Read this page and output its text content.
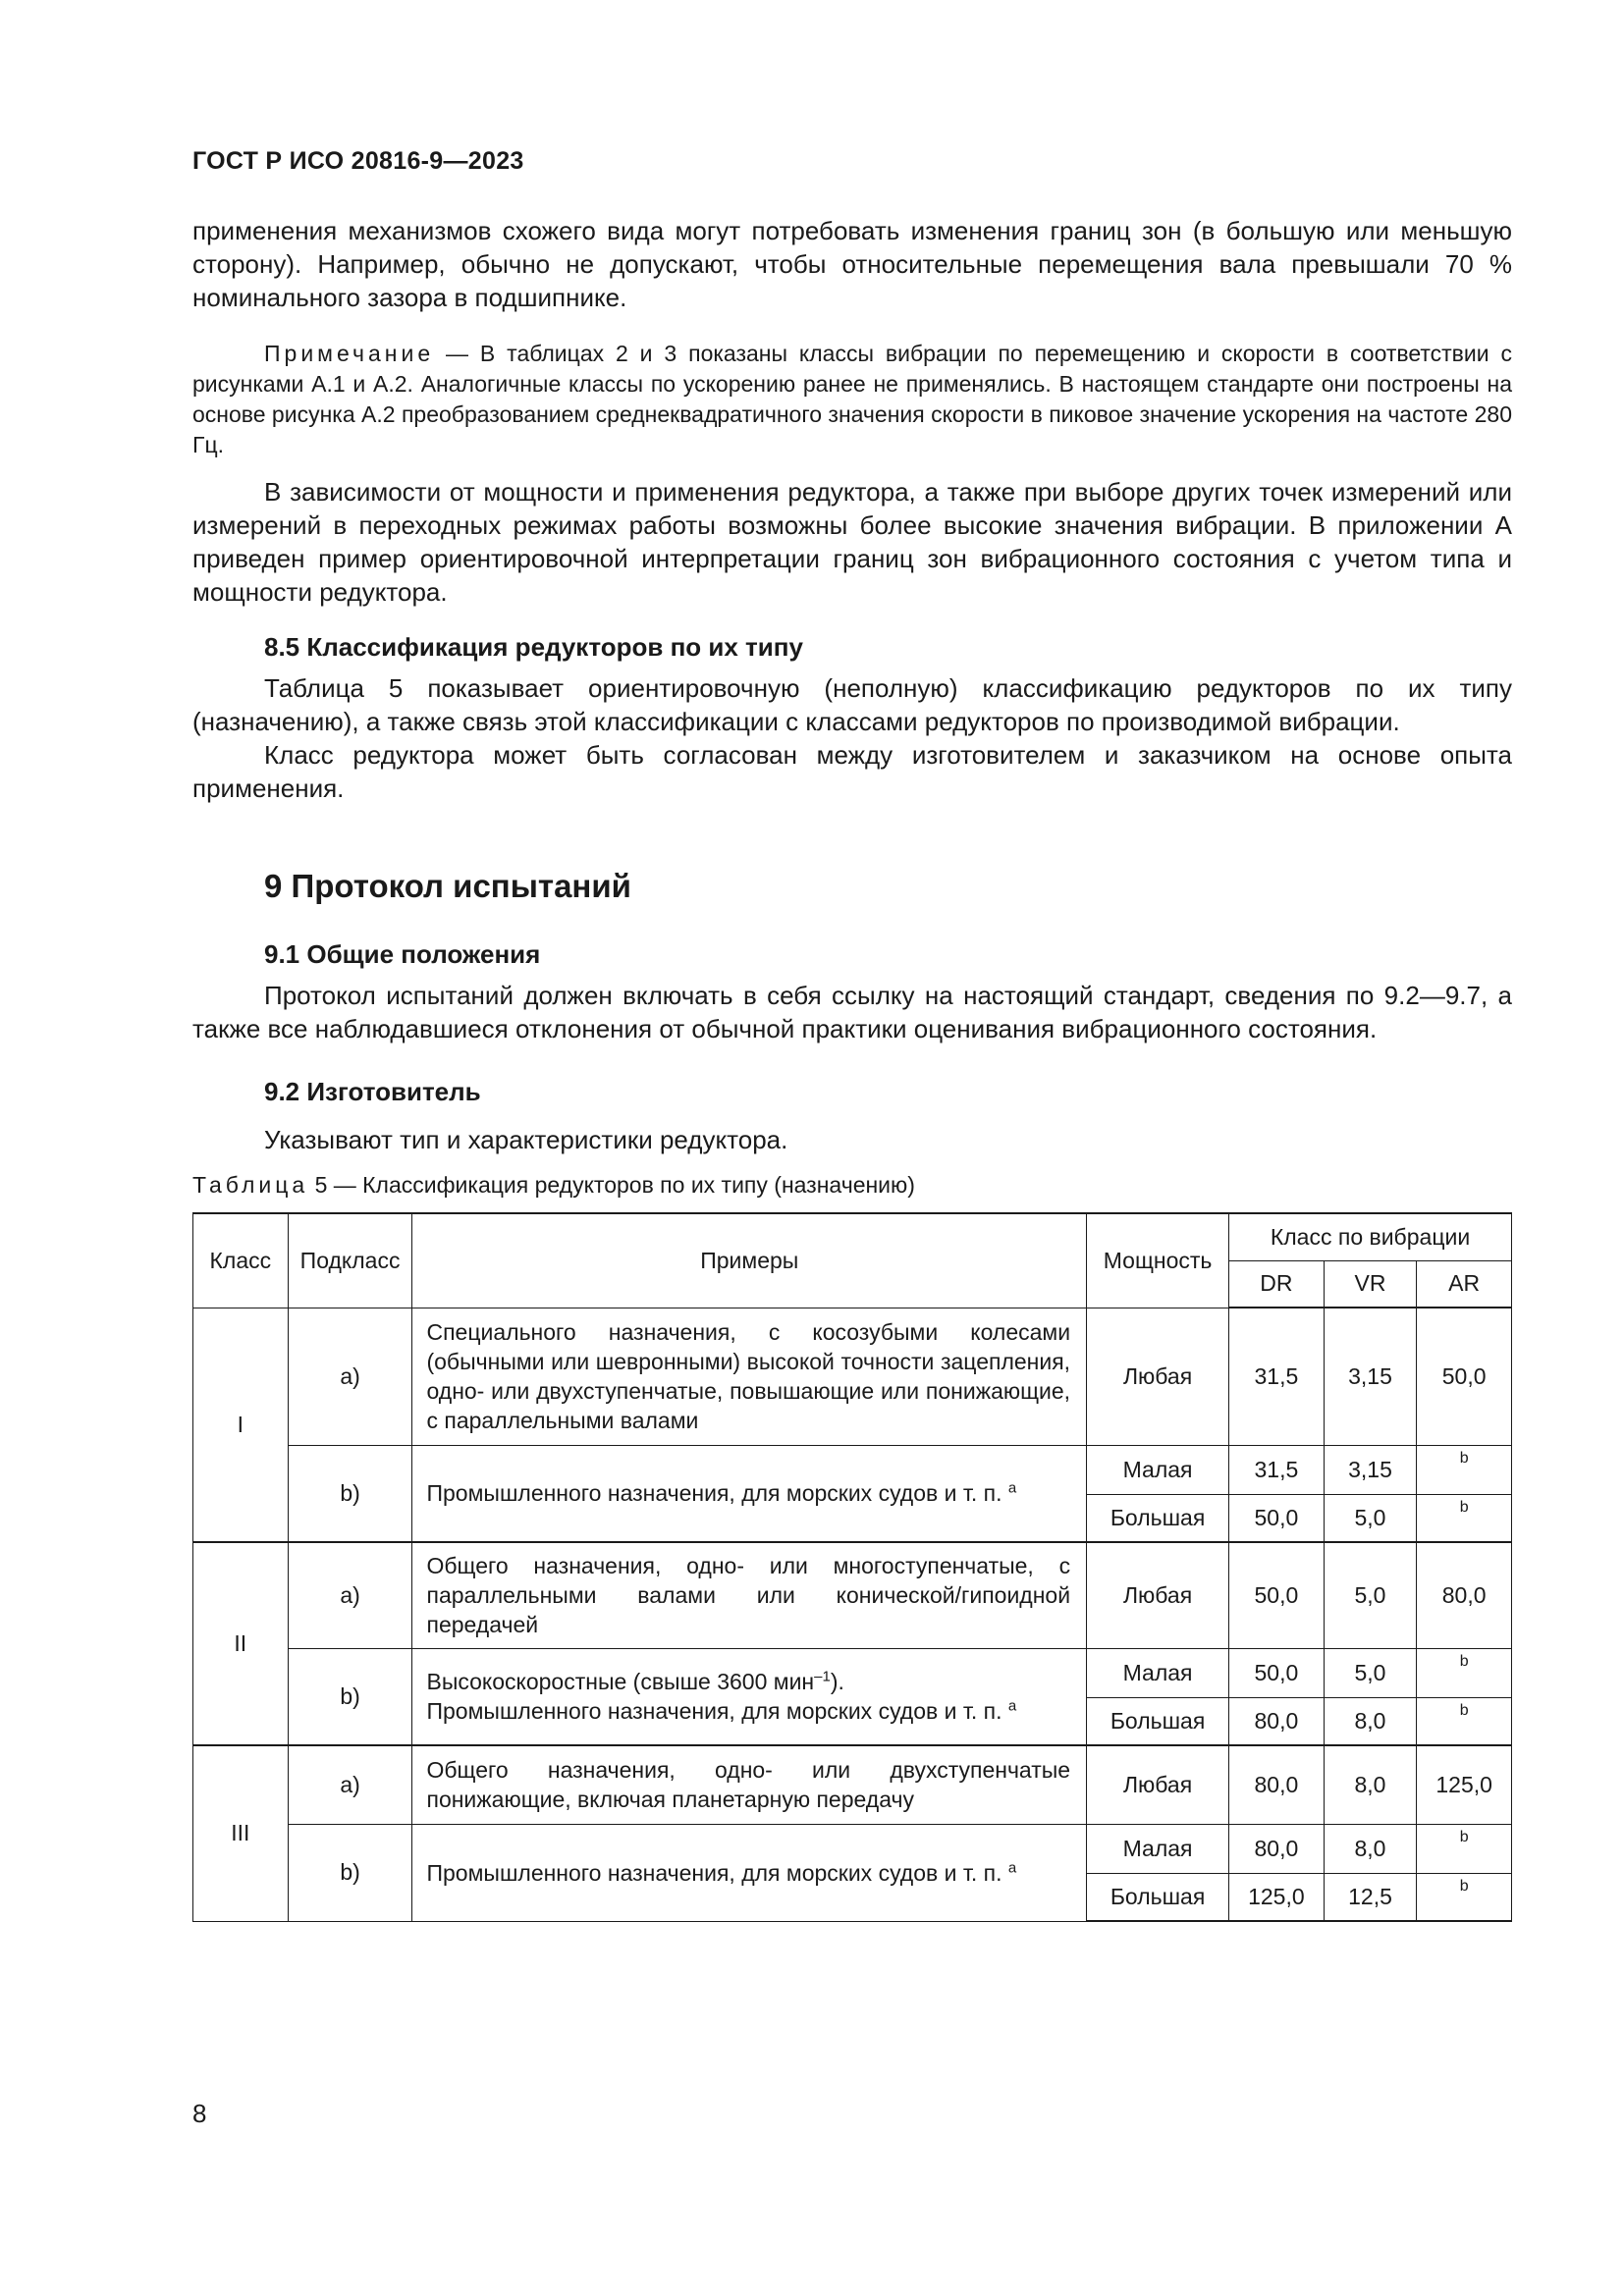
ГОСТ Р ИСО 20816-9—2023

применения механизмов схожего вида могут потребовать изменения границ зон (в большую или меньшую сторону). Например, обычно не допускают, чтобы относительные перемещения вала превышали 70 % номинального зазора в подшипнике.

Примечание — В таблицах 2 и 3 показаны классы вибрации по перемещению и скорости в соответствии с рисунками А.1 и А.2. Аналогичные классы по ускорению ранее не применялись. В настоящем стандарте они построены на основе рисунка А.2 преобразованием среднеквадратичного значения скорости в пиковое значение ускорения на частоте 280 Гц.

В зависимости от мощности и применения редуктора, а также при выборе других точек измерений или измерений в переходных режимах работы возможны более высокие значения вибрации. В приложении А приведен пример ориентировочной интерпретации границ зон вибрационного состояния с учетом типа и мощности редуктора.

8.5 Классификация редукторов по их типу

Таблица 5 показывает ориентировочную (неполную) классификацию редукторов по их типу (назначению), а также связь этой классификации с классами редукторов по производимой вибрации.

Класс редуктора может быть согласован между изготовителем и заказчиком на основе опыта применения.

9 Протокол испытаний
9.1 Общие положения

Протокол испытаний должен включать в себя ссылку на настоящий стандарт, сведения по 9.2—9.7, а также все наблюдавшиеся отклонения от обычной практики оценивания вибрационного состояния.

9.2 Изготовитель

Указывают тип и характеристики редуктора.

Таблица 5 — Классификация редукторов по их типу (назначению)
Класс	Подкласс	Примеры	Мощность	Класс по вибрации		
				DR	VR	AR
I	a)	Специального назначения, с косозубыми колесами (обычными или шевронными) высокой точности зацепления, одно- или двухступенчатые, повышающие или понижающие, с параллельными валами	Любая	31,5	3,15	50,0
	b)	Промышленного назначения, для морских судов и т. п. $^а$	Малая	31,5	3,15	b
			Большая	50,0	5,0	b
II	a)	Общего назначения, одно- или многоступенчатые, с параллельными валами или конической/гипоидной передачей	Любая	50,0	5,0	80,0
	b)	Высокоскоростные (свыше 3600 мин$^{-1}$).
Промышленного назначения, для морских судов и т. п. $^а$	Малая	50,0	5,0	b
			Большая	80,0	8,0	b
III	a)	Общего назначения, одно- или двухступенчатые понижающие, включая планетарную передачу	Любая	80,0	8,0	125,0
	b)	Промышленного назначения, для морских судов и т. п. $^а$	Малая	80,0	8,0	b
			Большая	125,0	12,5	b
8
